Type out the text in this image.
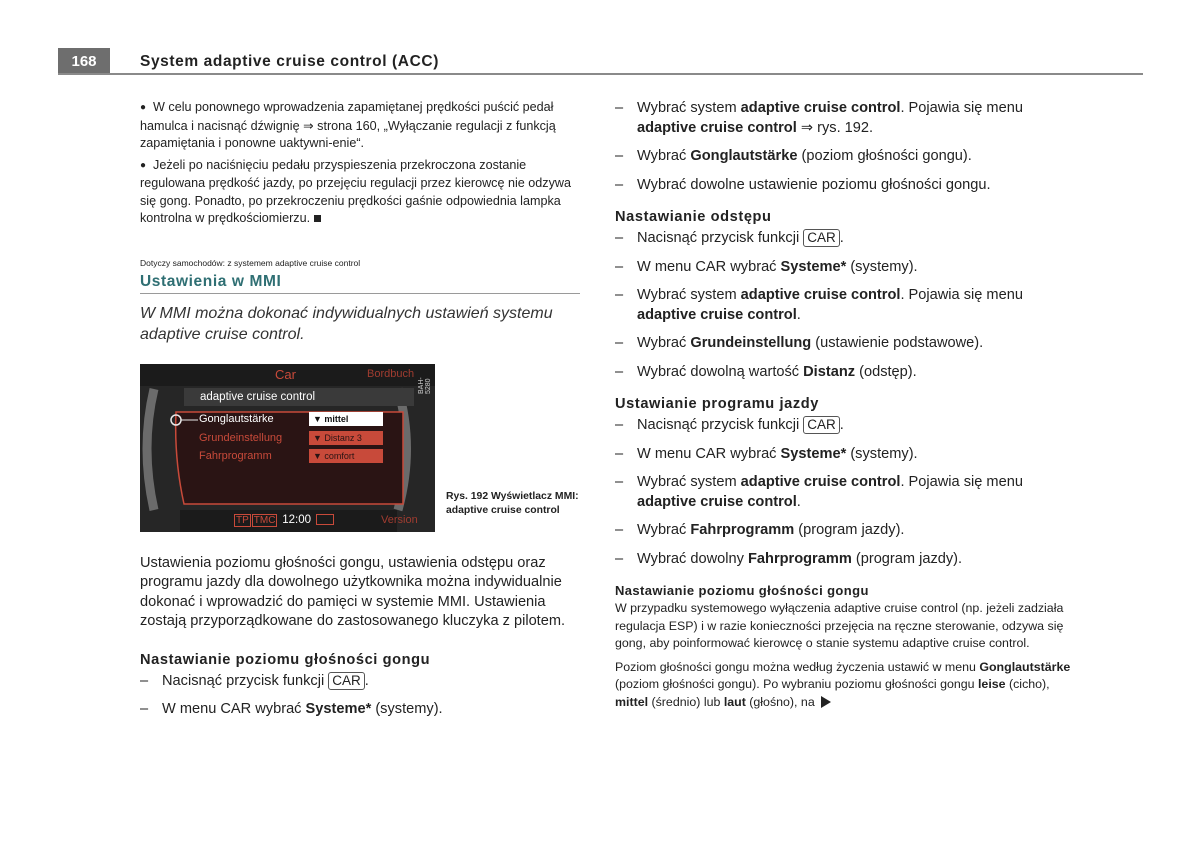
168	System adaptive cruise control (ACC)
● W celu ponownego wprowadzenia zapamiętanej prędkości puścić pedał hamulca i nacisnąć dźwignię ⇒ strona 160, „Wyłączanie regulacji z funkcją zapamiętania i ponowne uaktywni-enie“.
● Jeżeli po naciśnięciu pedału przyspieszenia przekroczona zostanie regulowana prędkość jazdy, po przejęciu regulacji przez kierowcę nie odzywa się gong. Ponadto, po przekroczeniu prędkości gaśnie odpowiednia lampka kontrolna w prędkościomierzu.
Dotyczy samochodów: z systemem adaptive cruise control
Ustawienia w MMI
W MMI można dokonać indywidualnych ustawień systemu adaptive cruise control.
Car	Bordbuch
BAH-5280
adaptive cruise control
Gonglautstärke	▼ mittel
Grundeinstellung	▼ Distanz 3
Fahrprogramm	▼ comfort
TP TMC 12:00	Version
Rys. 192 Wyświetlacz MMI: adaptive cruise control
Ustawienia poziomu głośności gongu, ustawienia odstępu oraz programu jazdy dla dowolnego użytkownika można indywidualnie dokonać i wprowadzić do pamięci w systemie MMI. Ustawienia zostają przyporządkowane do zastosowanego kluczyka z pilotem.
Nastawianie poziomu głośności gongu
– Nacisnąć przycisk funkcji CAR .
– W menu CAR wybrać Systeme* (systemy).
– Wybrać system adaptive cruise control. Pojawia się menu adaptive cruise control ⇒ rys. 192.
– Wybrać Gonglautstärke (poziom głośności gongu).
– Wybrać dowolne ustawienie poziomu głośności gongu.
Nastawianie odstępu
– Nacisnąć przycisk funkcji CAR .
– W menu CAR wybrać Systeme* (systemy).
– Wybrać system adaptive cruise control. Pojawia się menu adaptive cruise control.
– Wybrać Grundeinstellung (ustawienie podstawowe).
– Wybrać dowolną wartość Distanz (odstęp).
Ustawianie programu jazdy
– Nacisnąć przycisk funkcji CAR .
– W menu CAR wybrać Systeme* (systemy).
– Wybrać system adaptive cruise control. Pojawia się menu adaptive cruise control.
– Wybrać Fahrprogramm (program jazdy).
– Wybrać dowolny Fahrprogramm (program jazdy).
Nastawianie poziomu głośności gongu
W przypadku systemowego wyłączenia adaptive cruise control (np. jeżeli zadziała regulacja ESP) i w razie konieczności przejęcia na ręczne sterowanie, odzywa się gong, aby poinformować kierowcę o stanie systemu adaptive cruise control.
Poziom głośności gongu można według życzenia ustawić w menu Gonglautstärke (poziom głośności gongu). Po wybraniu poziomu głośności gongu leise (cicho), mittel (średnio) lub laut (głośno), na
